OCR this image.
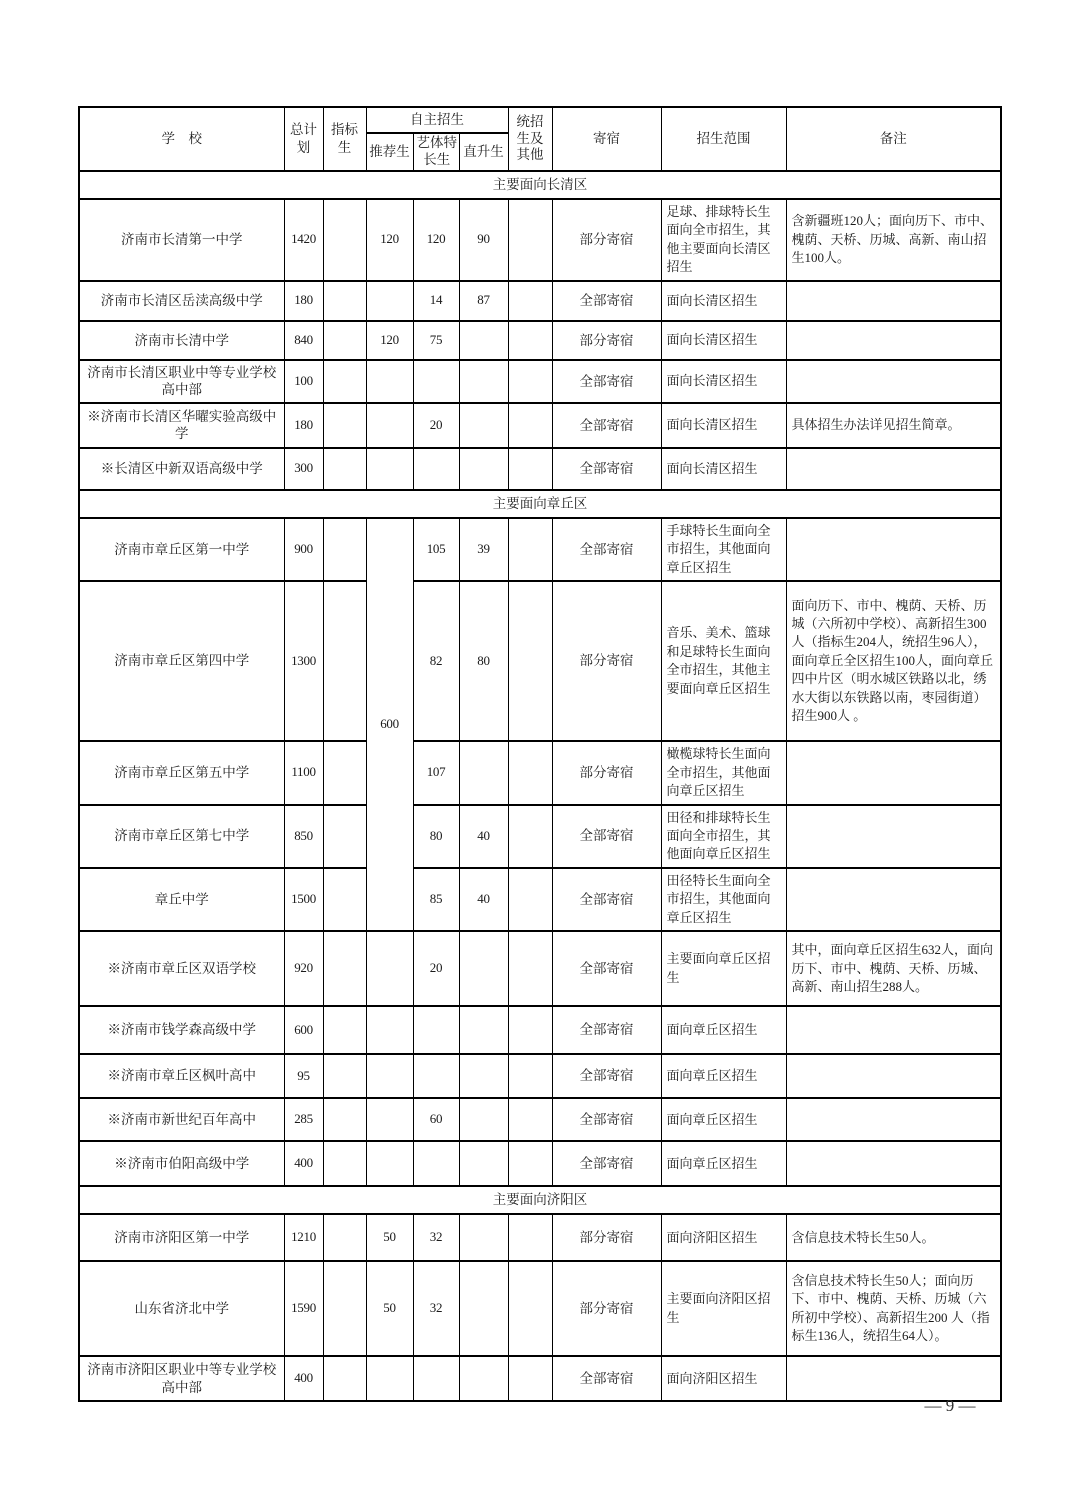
学　校	总计划	指标生	自主招生			统招生及其他	寄宿	招生范围	备注
			推荐生	艺体特长生	直升生				
主要面向长清区									
济南市长清第一中学	1420		120	120	90		部分寄宿	足球、排球特长生面向全市招生，其他主要面向长清区招生	含新疆班120人；面向历下、市中、槐荫、天桥、历城、高新、南山招生100人。
济南市长清区岳渎高级中学	180			14	87		全部寄宿	面向长清区招生	
济南市长清中学	840		120	75			部分寄宿	面向长清区招生	
济南市长清区职业中等专业学校高中部	100						全部寄宿	面向长清区招生	
※济南市长清区华曜实验高级中学	180			20			全部寄宿	面向长清区招生	具体招生办法详见招生简章。
※长清区中新双语高级中学	300						全部寄宿	面向长清区招生	
主要面向章丘区									
济南市章丘区第一中学	900		600	105	39		全部寄宿	手球特长生面向全市招生，其他面向章丘区招生	
济南市章丘区第四中学	1300			82	80		部分寄宿	音乐、美术、篮球和足球特长生面向全市招生，其他主要面向章丘区招生	面向历下、市中、槐荫、天桥、历城（六所初中学校）、高新招生300人（指标生204人，统招生96人），面向章丘全区招生100人，面向章丘四中片区（明水城区铁路以北，绣水大街以东铁路以南，枣园街道）招生900人 。
济南市章丘区第五中学	1100			107			部分寄宿	橄榄球特长生面向全市招生，其他面向章丘区招生	
济南市章丘区第七中学	850			80	40		全部寄宿	田径和排球特长生面向全市招生，其他面向章丘区招生	
章丘中学	1500			85	40		全部寄宿	田径特长生面向全市招生，其他面向章丘区招生	
※济南市章丘区双语学校	920			20			全部寄宿	主要面向章丘区招生	其中，面向章丘区招生632人，面向历下、市中、槐荫、天桥、历城、高新、南山招生288人。
※济南市钱学森高级中学	600						全部寄宿	面向章丘区招生	
※济南市章丘区枫叶高中	95						全部寄宿	面向章丘区招生	
※济南市新世纪百年高中	285			60			全部寄宿	面向章丘区招生	
※济南市伯阳高级中学	400						全部寄宿	面向章丘区招生	
主要面向济阳区									
济南市济阳区第一中学	1210		50	32			部分寄宿	面向济阳区招生	含信息技术特长生50人。
山东省济北中学	1590		50	32			部分寄宿	主要面向济阳区招生	含信息技术特长生50人；面向历下、市中、槐荫、天桥、历城（六所初中学校）、高新招生200 人（指标生136人，统招生64人）。
济南市济阳区职业中等专业学校高中部	400						全部寄宿	面向济阳区招生	
— 9 —
